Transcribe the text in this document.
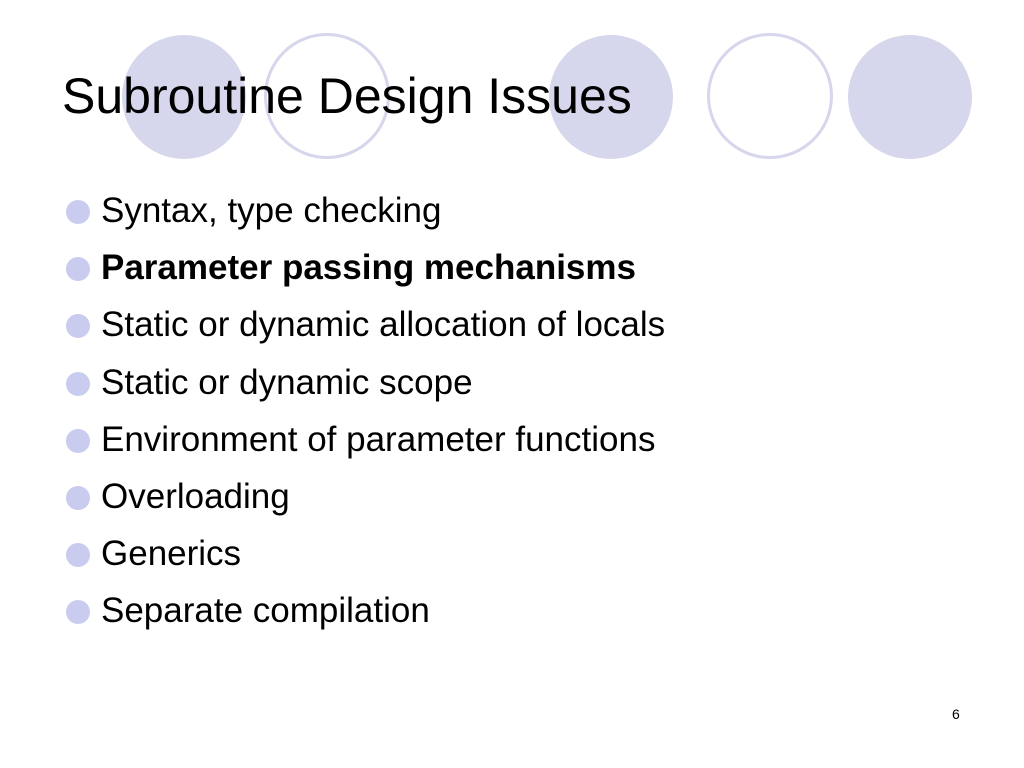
Subroutine Design Issues
Syntax, type checking
Parameter passing mechanisms
Static or dynamic allocation of locals
Static or dynamic scope
Environment of parameter functions
Overloading
Generics
Separate compilation
6
